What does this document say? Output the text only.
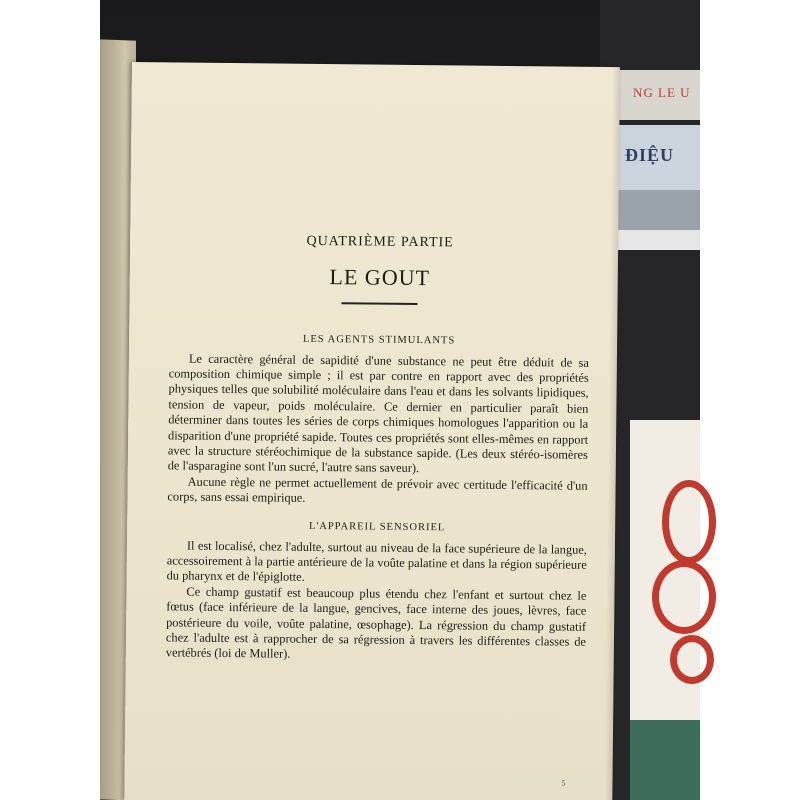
NG LE U
ĐIỆU

QUATRIÈME PARTIE

LE GOUT

LES AGENTS STIMULANTS

Le caractère général de sapidité d'une substance ne peut être déduit de sa composition chimique simple ; il est par contre en rapport avec des propriétés physiques telles que solubilité moléculaire dans l'eau et dans les solvants lipidiques, tension de vapeur, poids moléculaire. Ce dernier en particulier paraît bien déterminer dans toutes les séries de corps chimiques homologues l'apparition ou la disparition d'une propriété sapide. Toutes ces propriétés sont elles-mêmes en rapport avec la structure stéréochimique de la substance sapide. (Les deux stéréo-isomères de l'asparagine sont l'un sucré, l'autre sans saveur).

Aucune règle ne permet actuellement de prévoir avec certitude l'efficacité d'un corps, sans essai empirique.

L'APPAREIL SENSORIEL

Il est localisé, chez l'adulte, surtout au niveau de la face supérieure de la langue, accessoirement à la partie antérieure de la voûte palatine et dans la région supérieure du pharynx et de l'épiglotte.

Ce champ gustatif est beaucoup plus étendu chez l'enfant et surtout chez le fœtus (face inférieure de la langue, gencives, face interne des joues, lèvres, face postérieure du voile, voûte palatine, œsophage). La régression du champ gustatif chez l'adulte est à rapprocher de sa régression à travers les différentes classes de vertébrés (loi de Muller).

5
